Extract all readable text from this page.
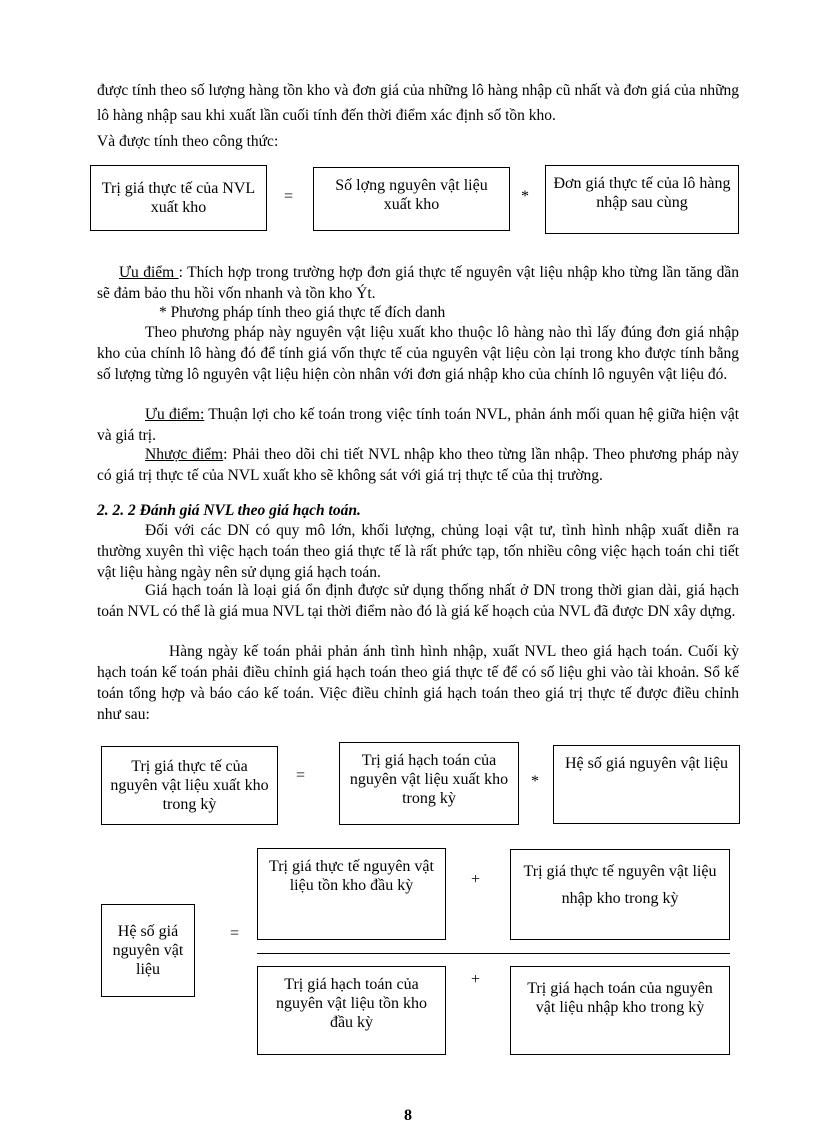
được tính theo số lượng hàng tồn kho và đơn giá của những lô hàng nhập cũ nhất và đơn giá của những lô hàng nhập sau khi xuất lần cuối tính đến thời điểm xác định số tồn kho.

Và được tính theo công thức:

Trị giá thực tế của NVL xuất kho
=
Số lợng nguyên vật liệu xuất kho	*
Đơn giá thực tế của lô hàng nhập sau cùng

Ưu điểm : Thích hợp trong trường hợp đơn giá thực tế nguyên vật liệu nhập kho từng lần tăng dần sẽ đảm bảo thu hồi vốn nhanh và tồn kho Ýt.

* Phương pháp tính theo giá thực tế đích danh

Theo phương pháp này nguyên vật liệu xuất kho thuộc lô hàng nào thì lấy đúng đơn giá nhập kho của chính lô hàng đó để tính giá vốn thực tế của nguyên vật liệu còn lại trong kho được tính bằng số lượng từng lô nguyên vật liệu hiện còn nhân với đơn giá nhập kho của chính lô nguyên vật liệu đó.

Ưu điểm: Thuận lợi cho kế toán trong việc tính toán NVL, phản ánh mối quan hệ giữa hiện vật và giá trị.

Nhược điểm: Phải theo dõi chi tiết NVL nhập kho theo từng lần nhập. Theo phương pháp này có giá trị thực tế của NVL xuất kho sẽ không sát với giá trị thực tế của thị trường.

2. 2. 2 Đánh giá NVL theo giá hạch toán.

Đối với các DN có quy mô lớn, khối lượng, chủng loại vật tư, tình hình nhập xuất diễn ra thường xuyên thì việc hạch toán theo giá thực tế là rất phức tạp, tốn nhiều công việc hạch toán chi tiết vật liệu hàng ngày nên sử dụng giá hạch toán.

Giá hạch toán là loại giá ổn định được sử dụng thống nhất ở DN trong thời gian dài, giá hạch toán NVL có thể là giá mua NVL tại thời điểm nào đó là giá kế hoạch của NVL đã được DN xây dựng.

Hàng ngày kế toán phải phản ánh tình hình nhập, xuất NVL theo giá hạch toán. Cuối kỳ hạch toán kế toán phải điều chỉnh giá hạch toán theo giá thực tế để có số liệu ghi vào tài khoản. Sổ kế toán tổng hợp và báo cáo kế toán. Việc điều chỉnh giá hạch toán theo giá trị thực tế được điều chỉnh như sau:

Trị giá thực tế của nguyên vật liệu xuất kho trong kỳ
=
Trị giá hạch toán của nguyên vật liệu xuất kho trong kỳ
*
Hệ số giá nguyên vật liệu
Hệ số giá nguyên vật liệu
=
Trị giá thực tế nguyên vật liệu tồn kho đầu kỳ	+	Trị giá thực tế nguyên vật liệu nhập kho trong kỳ
Trị giá hạch toán của nguyên vật liệu tồn kho đầu kỳ
+
Trị giá hạch toán của nguyên vật liệu nhập kho trong kỳ
8
